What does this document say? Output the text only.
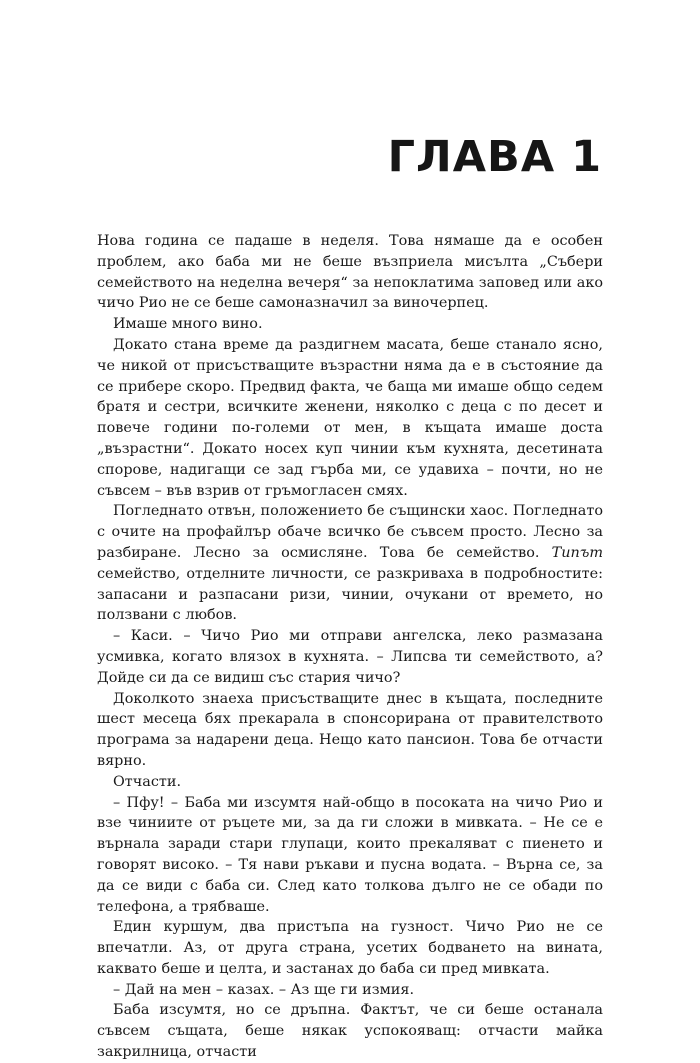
ГЛАВА 1

Нова година се падаше в неделя. Това нямаше да е особен проблем, ако баба ми не беше възприела мисълта „Събери семейството на неделна вечеря“ за непоклатима заповед или ако чичо Рио не се беше самоназначил за виночерпец.

Имаше много вино.

Докато стана време да раздигнем масата, беше станало ясно, че никой от присъстващите възрастни няма да е в състояние да се прибере скоро. Предвид факта, че баща ми имаше общо седем братя и сестри, всичките женени, няколко с деца с по десет и повече години по-големи от мен, в къщата имаше доста „възрастни“. Докато носех куп чинии към кухнята, десетината спорове, надигащи се зад гърба ми, се удавиха – почти, но не съвсем – във взрив от гръмогласен смях.

Погледнато отвън, положението бе същински хаос. Погледнато с очите на профайлър обаче всичко бе съвсем просто. Лесно за разбиране. Лесно за осмисляне. Това бе семейство. Типът семейство, отделните личности, се разкриваха в подробностите: запасани и разпасани ризи, чинии, очукани от времето, но ползвани с любов.

– Каси. – Чичо Рио ми отправи ангелска, леко размазана усмивка, когато влязох в кухнята. – Липсва ти семейството, а? Дойде си да се видиш със стария чичо?

Доколкото знаеха присъстващите днес в къщата, последните шест месеца бях прекарала в спонсорирана от правителството програма за надарени деца. Нещо като пансион. Това бе отчасти вярно.

Отчасти.

– Пфу! – Баба ми изсумтя най-общо в посоката на чичо Рио и взе чиниите от ръцете ми, за да ги сложи в мивката. – Не се е върнала заради стари глупаци, които прекаляват с пиенето и говорят високо. – Тя нави ръкави и пусна водата. – Върна се, за да се види с баба си. След като толкова дълго не се обади по телефона, а трябваше.

Един куршум, два пристъпа на гузност. Чичо Рио не се впечатли. Аз, от друга страна, усетих бодването на вината, каквато беше и целта, и застанах до баба си пред мивката.

– Дай на мен – казах. – Аз ще ги измия.

Баба изсумтя, но се дръпна. Фактът, че си беше останала съвсем същата, беше някак успокояващ: отчасти майка закрилница, отчасти
